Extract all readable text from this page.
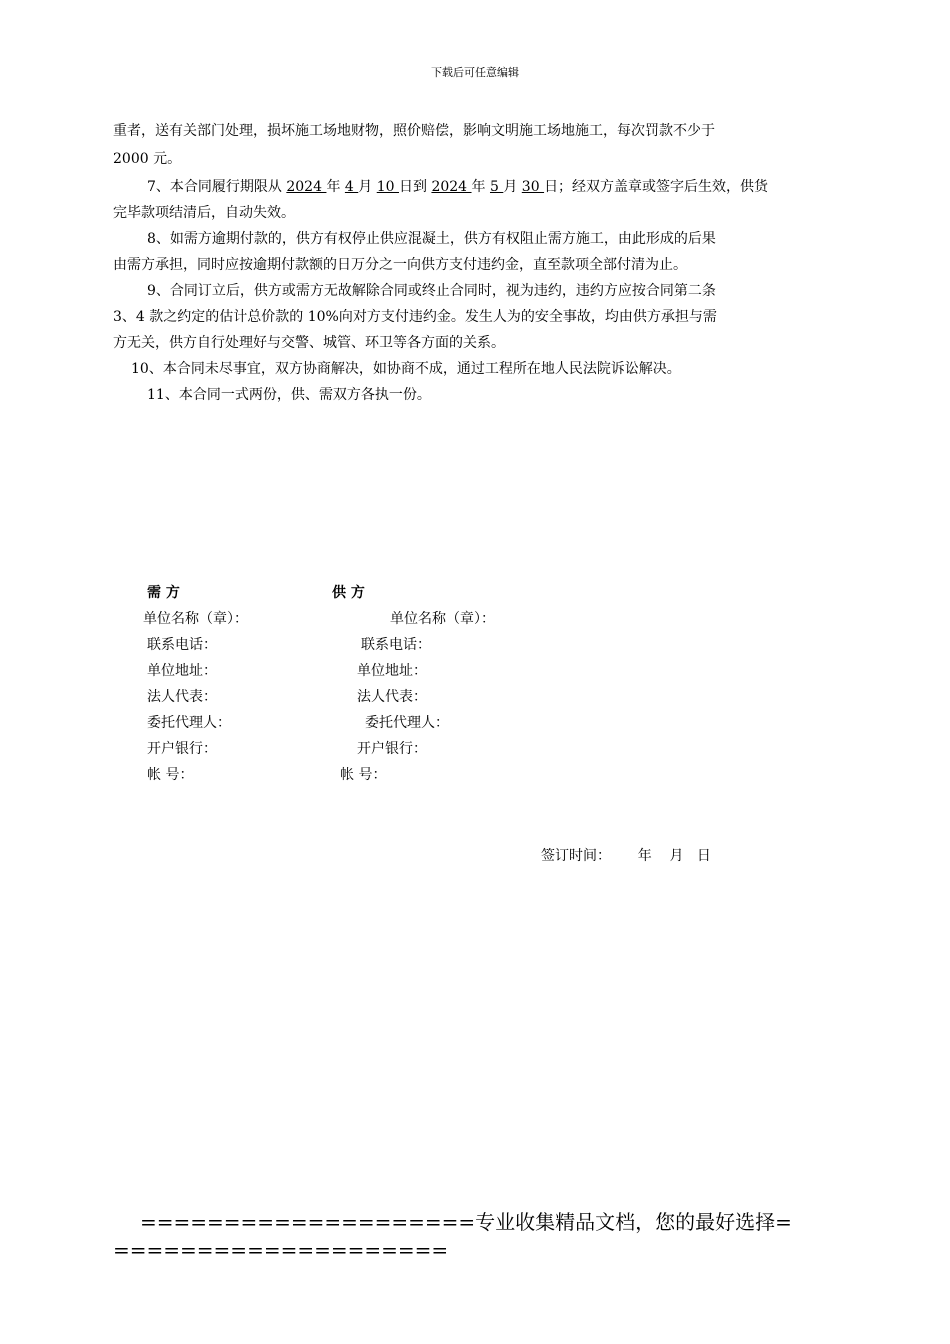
下载后可任意编辑
重者，送有关部门处理，损坏施工场地财物，照价赔偿，影响文明施工场地施工，每次罚款不少于
2000 元。
7、本合同履行期限从 2024 年 4 月 10 日到 2024 年 5 月 30 日；经双方盖章或签字后生效，供货
完毕款项结清后，自动失效。
8、如需方逾期付款的，供方有权停止供应混凝土，供方有权阻止需方施工，由此形成的后果
由需方承担，同时应按逾期付款额的日万分之一向供方支付违约金，直至款项全部付清为止。
9、合同订立后，供方或需方无故解除合同或终止合同时，视为违约，违约方应按合同第二条
3、4 款之约定的估计总价款的 10%向对方支付违约金。发生人为的安全事故，均由供方承担与需
方无关，供方自行处理好与交警、城管、环卫等各方面的关系。
10、本合同未尽事宜，双方协商解决，如协商不成，通过工程所在地人民法院诉讼解决。
11、本合同一式两份，供、需双方各执一份。
需 方	供 方
单位名称（章）：	单位名称（章）：
联系电话：	联系电话：
单位地址：	单位地址：
法人代表：	法人代表：
委托代理人：	委托代理人：
开户银行：	开户银行：
帐 号：	帐 号：
签订时间：      年    月   日
====================专业收集精品文档，您的最好选择=
====================
